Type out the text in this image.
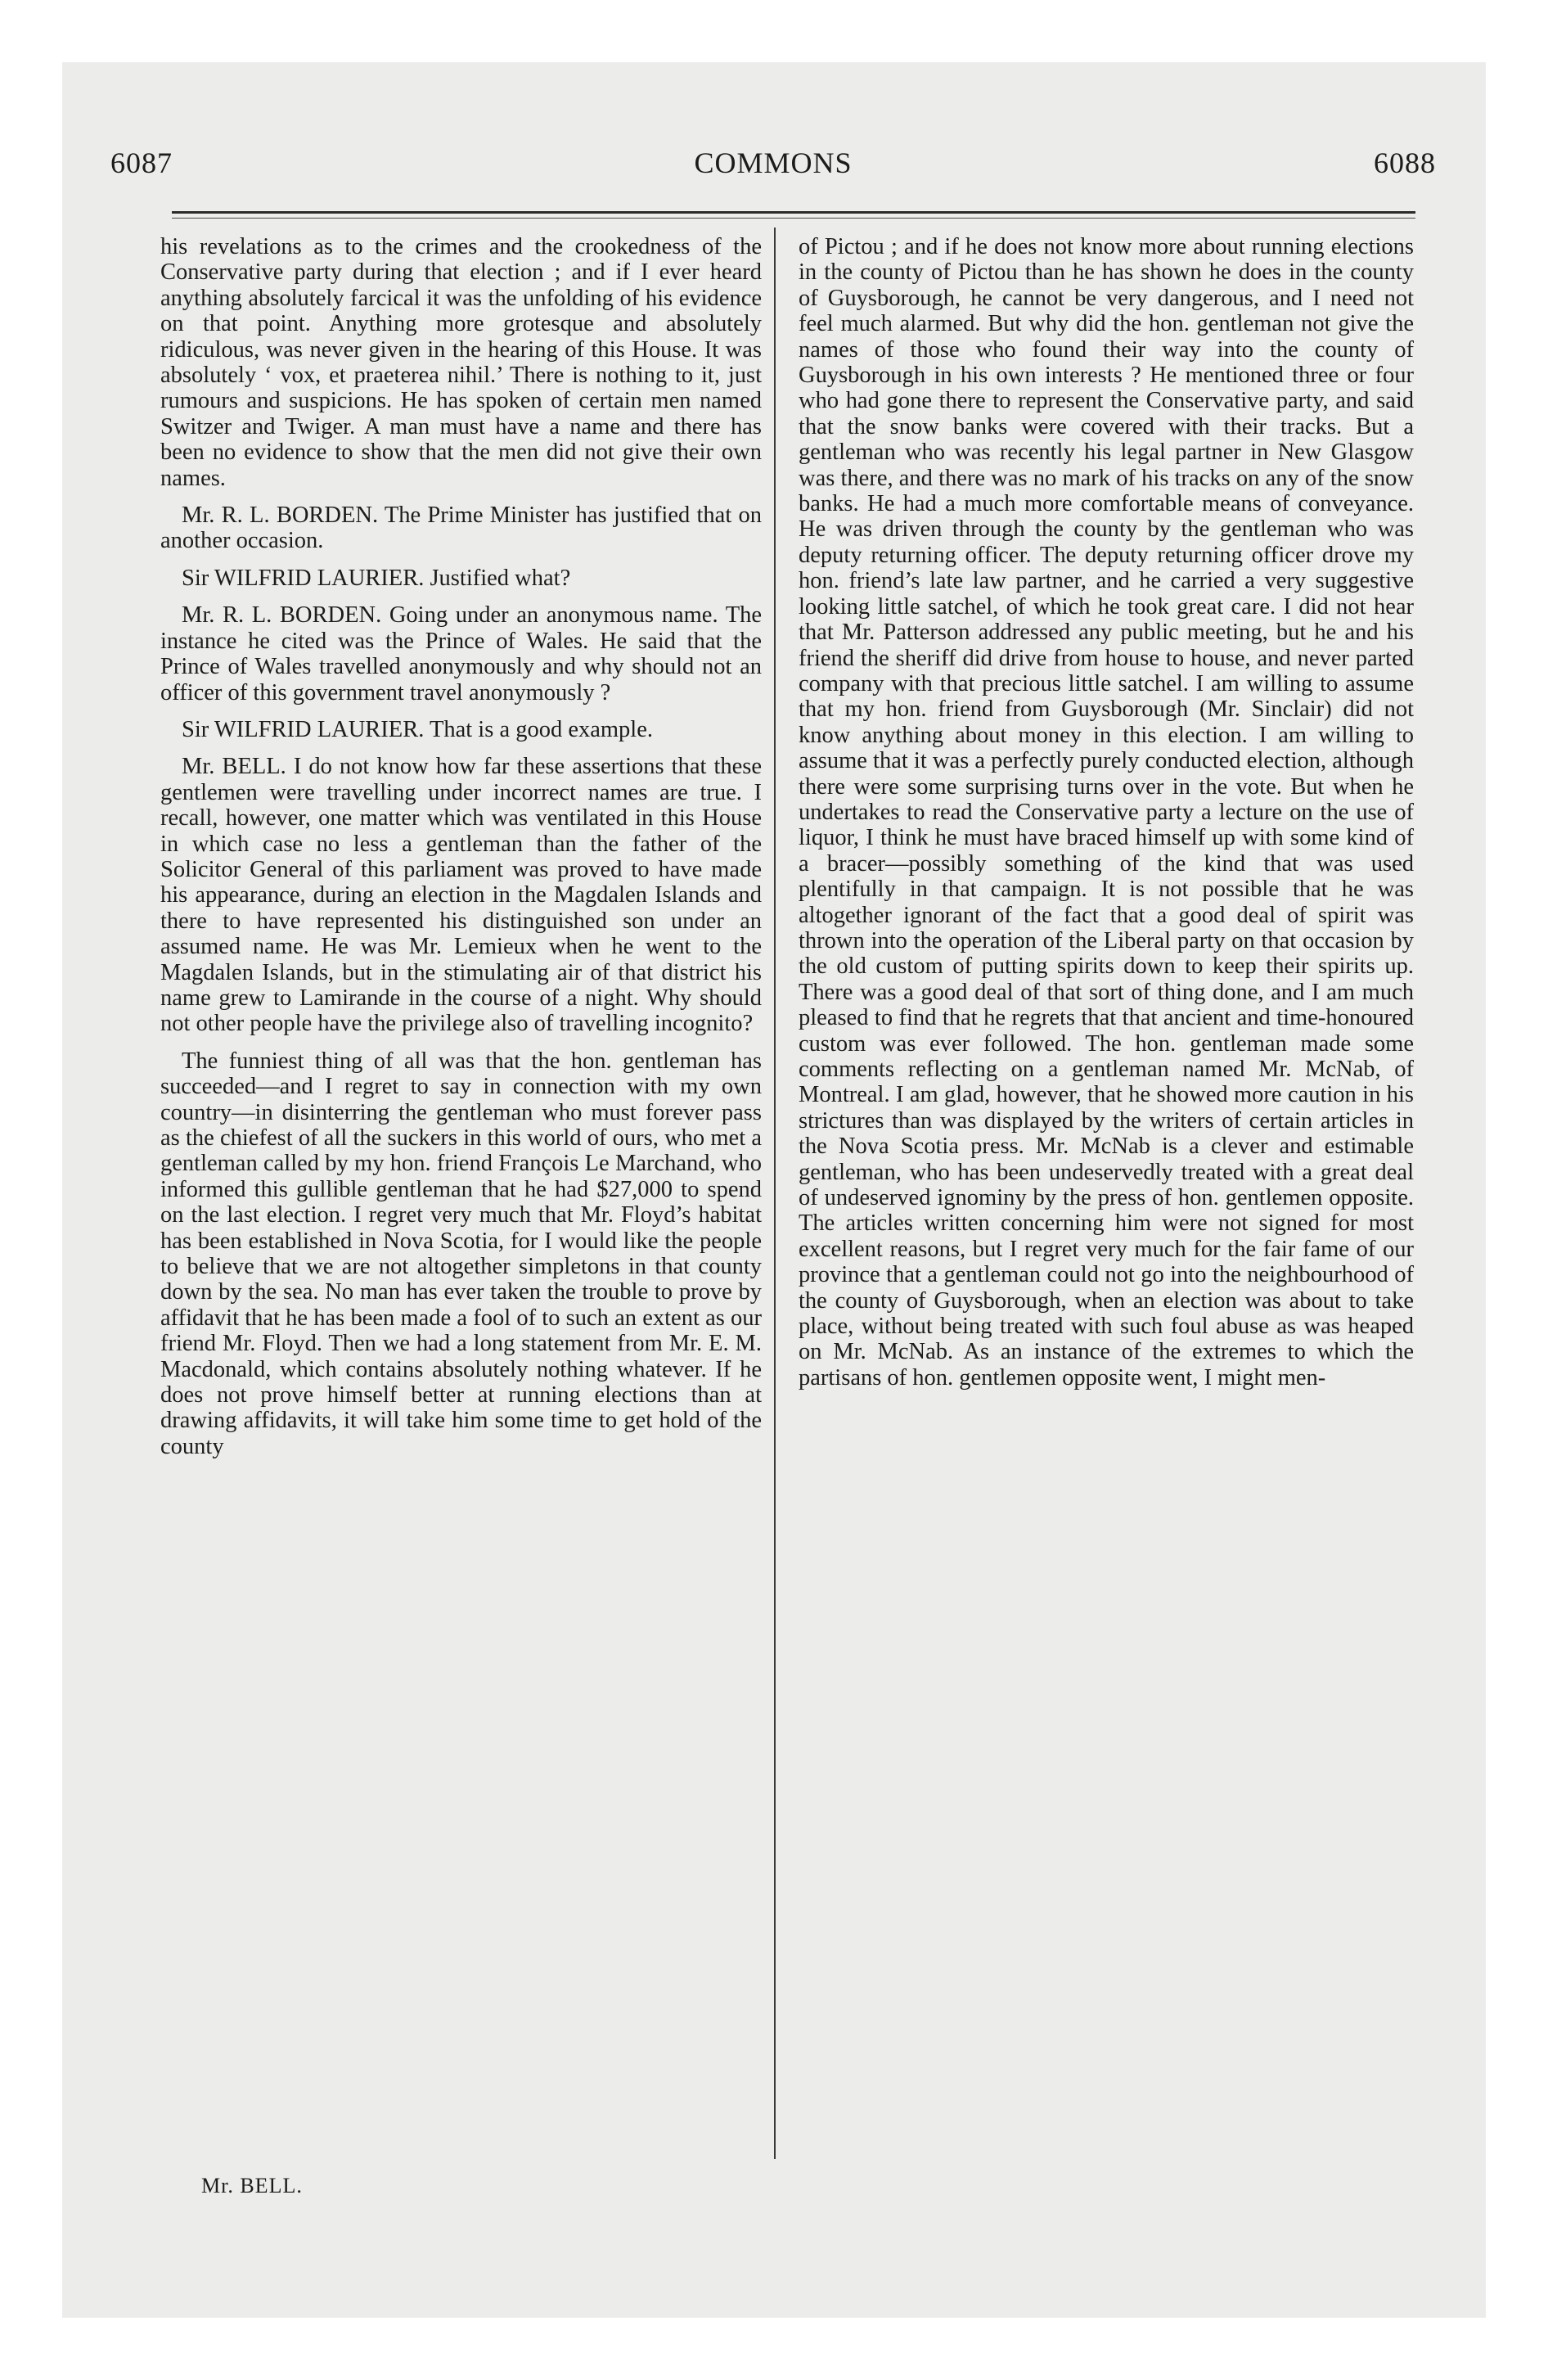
6087	COMMONS	6088

his revelations as to the crimes and the crookedness of the Conservative party during that election ; and if I ever heard anything absolutely farcical it was the unfolding of his evidence on that point. Anything more grotesque and absolutely ridiculous, was never given in the hearing of this House. It was absolutely ‘ vox, et praeterea nihil.’ There is nothing to it, just rumours and suspicions. He has spoken of certain men named Switzer and Twiger. A man must have a name and there has been no evidence to show that the men did not give their own names.

Mr. R. L. BORDEN. The Prime Minister has justified that on another occasion.

Sir WILFRID LAURIER. Justified what?

Mr. R. L. BORDEN. Going under an anonymous name. The instance he cited was the Prince of Wales. He said that the Prince of Wales travelled anonymously and why should not an officer of this government travel anonymously ?

Sir WILFRID LAURIER. That is a good example.

Mr. BELL. I do not know how far these assertions that these gentlemen were travelling under incorrect names are true. I recall, however, one matter which was ventilated in this House in which case no less a gentleman than the father of the Solicitor General of this parliament was proved to have made his appearance, during an election in the Magdalen Islands and there to have represented his distinguished son under an assumed name. He was Mr. Lemieux when he went to the Magdalen Islands, but in the stimulating air of that district his name grew to Lamirande in the course of a night. Why should not other people have the privilege also of travelling incognito?

The funniest thing of all was that the hon. gentleman has succeeded—and I regret to say in connection with my own country—in disinterring the gentleman who must forever pass as the chiefest of all the suckers in this world of ours, who met a gentleman called by my hon. friend François Le Marchand, who informed this gullible gentleman that he had $27,000 to spend on the last election. I regret very much that Mr. Floyd’s habitat has been established in Nova Scotia, for I would like the people to believe that we are not altogether simpletons in that county down by the sea. No man has ever taken the trouble to prove by affidavit that he has been made a fool of to such an extent as our friend Mr. Floyd. Then we had a long statement from Mr. E. M. Macdonald, which contains absolutely nothing whatever. If he does not prove himself better at running elections than at drawing affidavits, it will take him some time to get hold of the county

of Pictou ; and if he does not know more about running elections in the county of Pictou than he has shown he does in the county of Guysborough, he cannot be very dangerous, and I need not feel much alarmed. But why did the hon. gentleman not give the names of those who found their way into the county of Guysborough in his own interests ? He mentioned three or four who had gone there to represent the Conservative party, and said that the snow banks were covered with their tracks. But a gentleman who was recently his legal partner in New Glasgow was there, and there was no mark of his tracks on any of the snow banks. He had a much more comfortable means of conveyance. He was driven through the county by the gentleman who was deputy returning officer. The deputy returning officer drove my hon. friend’s late law partner, and he carried a very suggestive looking little satchel, of which he took great care. I did not hear that Mr. Patterson addressed any public meeting, but he and his friend the sheriff did drive from house to house, and never parted company with that precious little satchel. I am willing to assume that my hon. friend from Guysborough (Mr. Sinclair) did not know anything about money in this election. I am willing to assume that it was a perfectly purely conducted election, although there were some surprising turns over in the vote. But when he undertakes to read the Conservative party a lecture on the use of liquor, I think he must have braced himself up with some kind of a bracer—possibly something of the kind that was used plentifully in that campaign. It is not possible that he was altogether ignorant of the fact that a good deal of spirit was thrown into the operation of the Liberal party on that occasion by the old custom of putting spirits down to keep their spirits up. There was a good deal of that sort of thing done, and I am much pleased to find that he regrets that that ancient and time-honoured custom was ever followed. The hon. gentleman made some comments reflecting on a gentleman named Mr. McNab, of Montreal. I am glad, however, that he showed more caution in his strictures than was displayed by the writers of certain articles in the Nova Scotia press. Mr. McNab is a clever and estimable gentleman, who has been undeservedly treated with a great deal of undeserved ignominy by the press of hon. gentlemen opposite. The articles written concerning him were not signed for most excellent reasons, but I regret very much for the fair fame of our province that a gentleman could not go into the neighbourhood of the county of Guysborough, when an election was about to take place, without being treated with such foul abuse as was heaped on Mr. McNab. As an instance of the extremes to which the partisans of hon. gentlemen opposite went, I might men-

Mr. BELL.
